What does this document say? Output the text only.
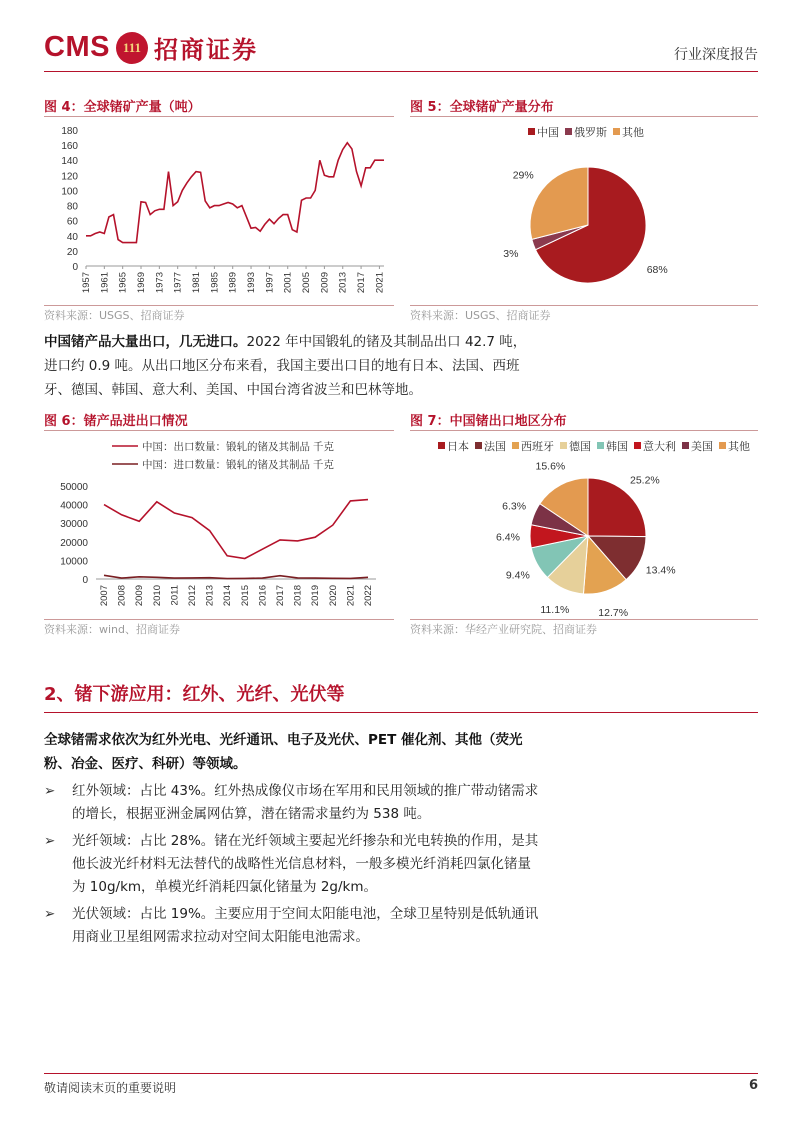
CMS 111 招商证券	行业深度报告
图 4：全球锗矿产量（吨）
0
20
40
60
80
100
120
140
160
180
1957 1961 1965 1969 1973 1977 1981 1985 1989 1993 1997 2001 2005 2009 2013 2017 2021
资料来源：USGS、招商证券
图 5：全球锗矿产量分布
68%
3%
29%
中国 俄罗斯 其他
资料来源：USGS、招商证券
中国锗产品大量出口，几无进口。2022 年中国锻轧的锗及其制品出口 42.7 吨，进口约 0.9 吨。从出口地区分布来看，我国主要出口目的地有日本、法国、西班牙、德国、韩国、意大利、美国、中国台湾省波兰和巴林等地。
图 6：锗产品进出口情况
中国：出口数量：锻轧的锗及其制品 千克
中国：进口数量：锻轧的锗及其制品 千克
0
10000
20000
30000
40000
50000
2007 2008 2009 2010 2011 2012 2013 2014 2015 2016 2017 2018 2019 2020 2021 2022
资料来源：wind、招商证券
图 7：中国锗出口地区分布
25.2%
13.4%
12.7%
11.1%
9.4%
6.4%
6.3%
15.6%
日本 法国 西班牙 德国 韩国 意大利 美国 其他
资料来源：华经产业研究院、招商证券
2、锗下游应用：红外、光纤、光伏等
全球锗需求依次为红外光电、光纤通讯、电子及光伏、PET 催化剂、其他（荧光粉、冶金、医疗、科研）等领域。
➢	红外领域：占比 43%。红外热成像仪市场在军用和民用领域的推广带动锗需求的增长，根据亚洲金属网估算，潜在锗需求量约为 538 吨。
➢	光纤领域：占比 28%。锗在光纤领域主要起光纤掺杂和光电转换的作用，是其他长波光纤材料无法替代的战略性光信息材料，一般多模光纤消耗四氯化锗量为 10g/km，单模光纤消耗四氯化锗量为 2g/km。
➢	光伏领域：占比 19%。主要应用于空间太阳能电池，全球卫星特别是低轨通讯用商业卫星组网需求拉动对空间太阳能电池需求。
敬请阅读末页的重要说明	6
